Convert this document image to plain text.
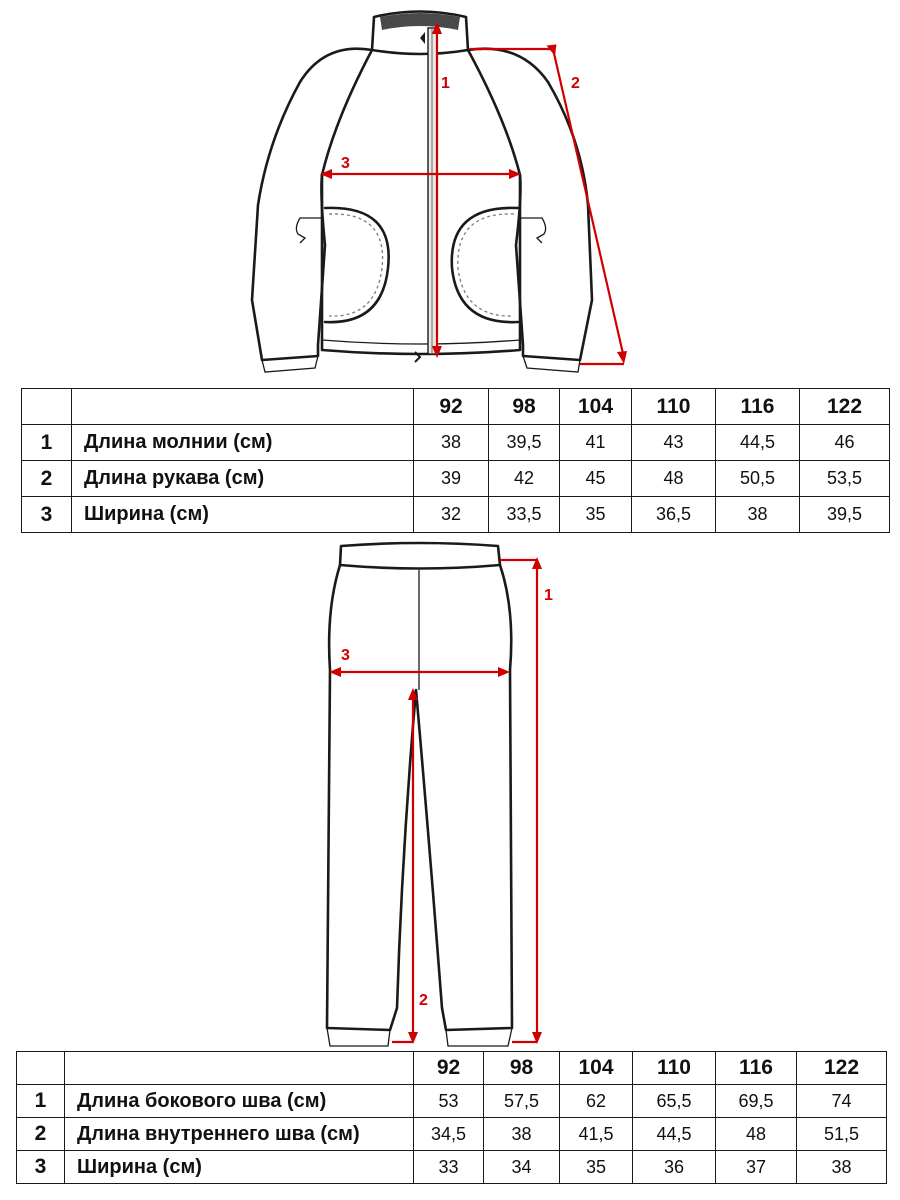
1	2
3
		92	98	104	110	116	122
1	Длина молнии (см)	38	39,5	41	43	44,5	46
2	Длина рукава (см)	39	42	45	48	50,5	53,5
3	Ширина (см)	32	33,5	35	36,5	38	39,5
1
2
3
		92	98	104	110	116	122
1	Длина бокового шва (см)	53	57,5	62	65,5	69,5	74
2	Длина внутреннего шва (см)	34,5	38	41,5	44,5	48	51,5
3	Ширина (см)	33	34	35	36	37	38
